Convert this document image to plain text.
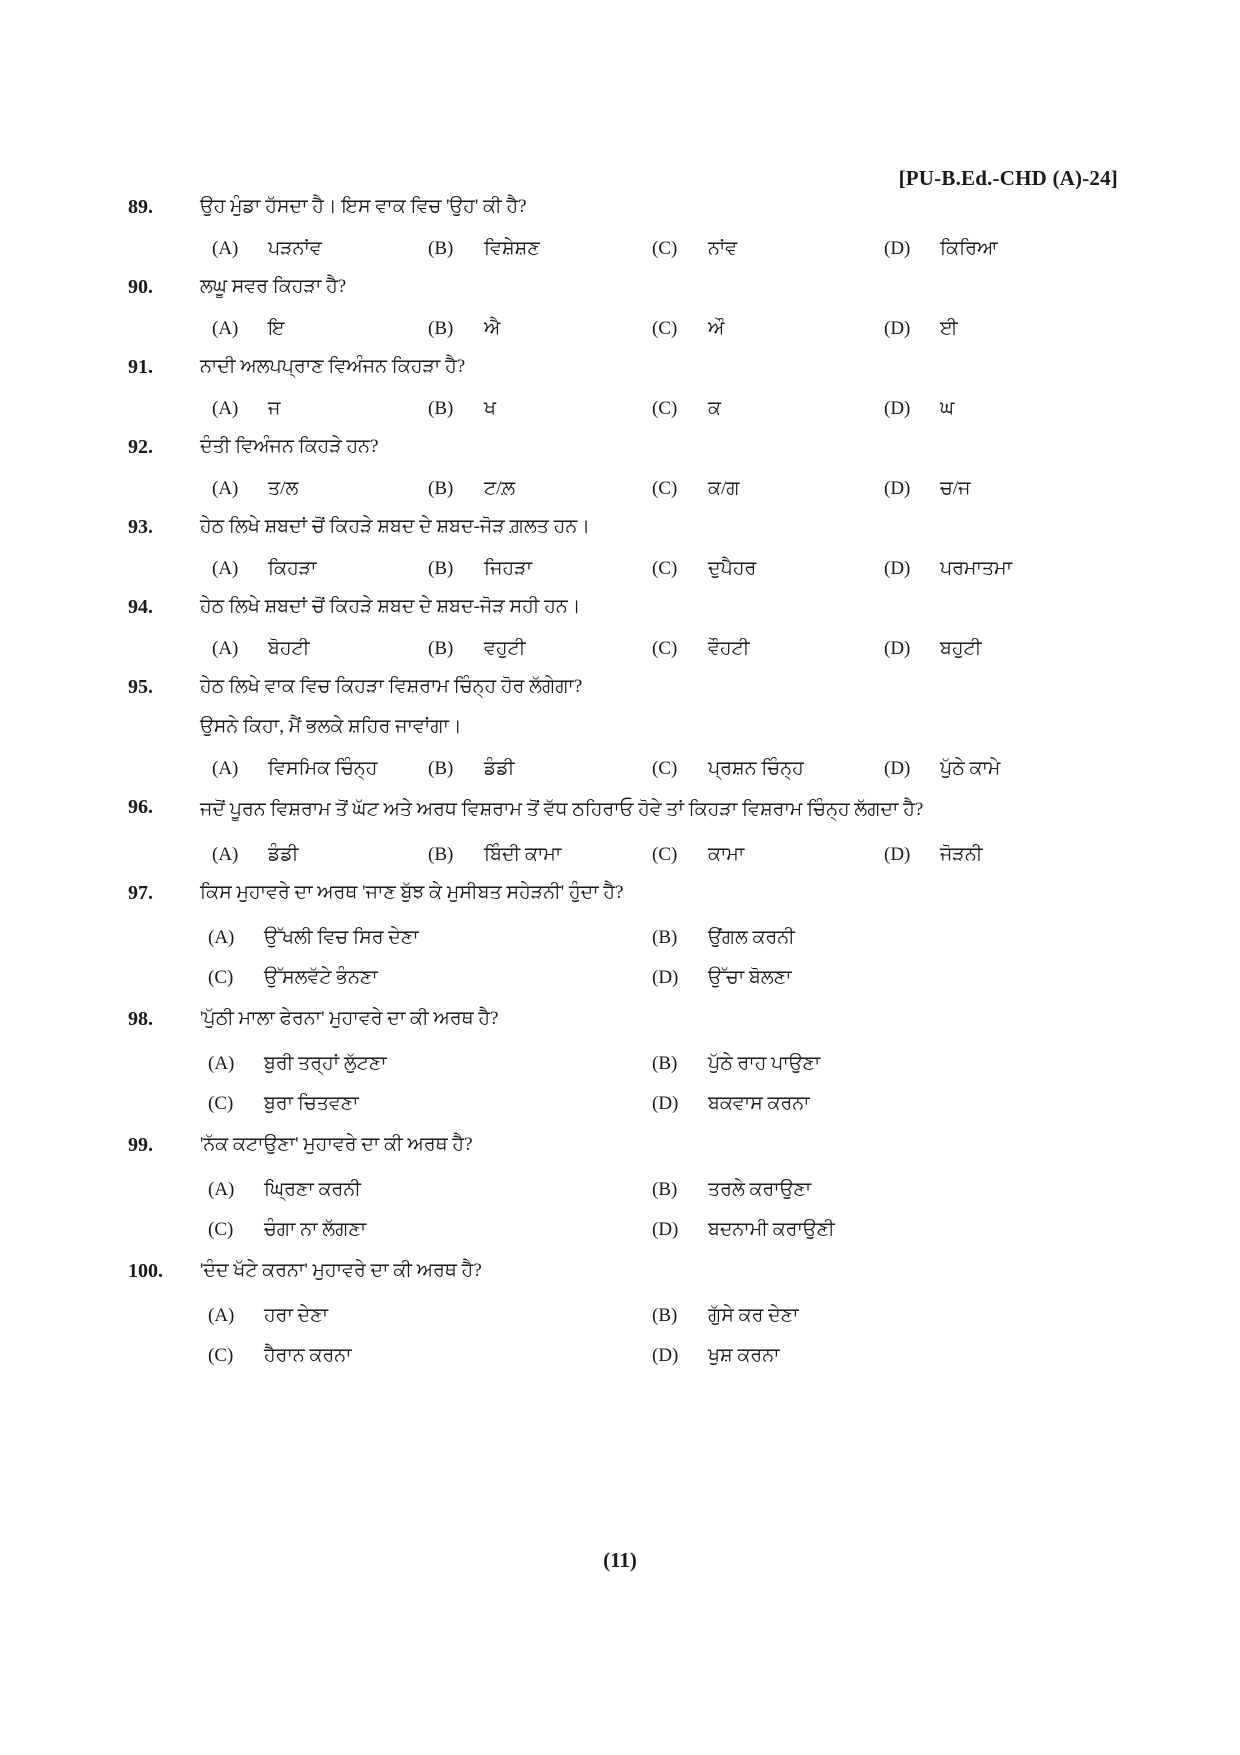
[PU-B.Ed.-CHD (A)-24]
89.	ਉਹ ਮੁੰਡਾ ਹੱਸਦਾ ਹੈ। ਇਸ ਵਾਕ ਵਿਚ 'ਉਹ' ਕੀ ਹੈ?
(A)	ਪੜਨਾਂਵ	(B)	ਵਿਸ਼ੇਸ਼ਣ	(C)	ਨਾਂਵ	(D)	ਕਿਰਿਆ
90.	ਲਘੂ ਸਵਰ ਕਿਹੜਾ ਹੈ?
(A)	ਇ	(B)	ਐ	(C)	ਔ	(D)	ਈ
91.	ਨਾਦੀ ਅਲਪਪ੍ਰਾਣ ਵਿਅੰਜਨ ਕਿਹੜਾ ਹੈ?
(A)	ਜ	(B)	ਖ	(C)	ਕ	(D)	ਘ
92.	ਦੰਤੀ ਵਿਅੰਜਨ ਕਿਹੜੇ ਹਨ?
(A)	ਤ/ਲ	(B)	ਟ/ਲ਼	(C)	ਕ/ਗ	(D)	ਚ/ਜ
93.	ਹੇਠ ਲਿਖੇ ਸ਼ਬਦਾਂ ਚੋਂ ਕਿਹੜੇ ਸ਼ਬਦ ਦੇ ਸ਼ਬਦ-ਜੋੜ ਗ਼ਲਤ ਹਨ।
(A)	ਕਿਹੜਾ	(B)	ਜਿਹੜਾ	(C)	ਦੁਪੈਹਰ	(D)	ਪਰਮਾਤਮਾ
94.	ਹੇਠ ਲਿਖੇ ਸ਼ਬਦਾਂ ਚੋਂ ਕਿਹੜੇ ਸ਼ਬਦ ਦੇ ਸ਼ਬਦ-ਜੋੜ ਸਹੀ ਹਨ।
(A)	ਬੋਹਟੀ	(B)	ਵਹੁਟੀ	(C)	ਵੌਹਟੀ	(D)	ਬਹੁਟੀ
95.	ਹੇਠ ਲਿਖੇ ਵਾਕ ਵਿਚ ਕਿਹੜਾ ਵਿਸ਼ਰਾਮ ਚਿੰਨ੍ਹ ਹੋਰ ਲੱਗੇਗਾ?
ਉਸਨੇ ਕਿਹਾ, ਮੈਂ ਭਲਕੇ ਸ਼ਹਿਰ ਜਾਵਾਂਗਾ।
(A)	ਵਿਸਮਿਕ ਚਿੰਨ੍ਹ	(B)	ਡੰਡੀ	(C)	ਪ੍ਰਸ਼ਨ ਚਿੰਨ੍ਹ	(D)	ਪੁੱਠੇ ਕਾਮੇ
96.	ਜਦੋਂ ਪੂਰਨ ਵਿਸ਼ਰਾਮ ਤੋਂ ਘੱਟ ਅਤੇ ਅਰਧ ਵਿਸ਼ਰਾਮ ਤੋਂ ਵੱਧ ਠਹਿਰਾਓ ਹੋਵੇ ਤਾਂ ਕਿਹੜਾ ਵਿਸ਼ਰਾਮ ਚਿੰਨ੍ਹ ਲੱਗਦਾ ਹੈ?
(A)	ਡੰਡੀ	(B)	ਬਿੰਦੀ ਕਾਮਾ	(C)	ਕਾਮਾ	(D)	ਜੋੜਨੀ
97.	ਕਿਸ ਮੁਹਾਵਰੇ ਦਾ ਅਰਥ 'ਜਾਣ ਬੁੱਝ ਕੇ ਮੁਸੀਬਤ ਸਹੇੜਨੀ' ਹੁੰਦਾ ਹੈ?
(A)	ਉੱਖਲੀ ਵਿਚ ਸਿਰ ਦੇਣਾ	(B)	ਉਂਗਲ ਕਰਨੀ
(C)	ਉੱਸਲਵੱਟੇ ਭੰਨਣਾ	(D)	ਉੱਚਾ ਬੋਲਣਾ
98.	'ਪੁੱਠੀ ਮਾਲਾ ਫੇਰਨਾ' ਮੁਹਾਵਰੇ ਦਾ ਕੀ ਅਰਥ ਹੈ?
(A)	ਬੁਰੀ ਤਰ੍ਹਾਂ ਲੁੱਟਣਾ	(B)	ਪੁੱਠੇ ਰਾਹ ਪਾਉਣਾ
(C)	ਬੁਰਾ ਚਿਤਵਣਾ	(D)	ਬਕਵਾਸ ਕਰਨਾ
99.	'ਨੱਕ ਕਟਾਉਣਾ' ਮੁਹਾਵਰੇ ਦਾ ਕੀ ਅਰਥ ਹੈ?
(A)	ਘ੍ਰਿਣਾ ਕਰਨੀ	(B)	ਤਰਲੇ ਕਰਾਉਣਾ
(C)	ਚੰਗਾ ਨਾ ਲੱਗਣਾ	(D)	ਬਦਨਾਮੀ ਕਰਾਉਣੀ
100.	'ਦੰਦ ਖੱਟੇ ਕਰਨਾ' ਮੁਹਾਵਰੇ ਦਾ ਕੀ ਅਰਥ ਹੈ?
(A)	ਹਰਾ ਦੇਣਾ	(B)	ਗੁੱਸੇ ਕਰ ਦੇਣਾ
(C)	ਹੈਰਾਨ ਕਰਨਾ	(D)	ਖੁਸ਼ ਕਰਨਾ
(11)
